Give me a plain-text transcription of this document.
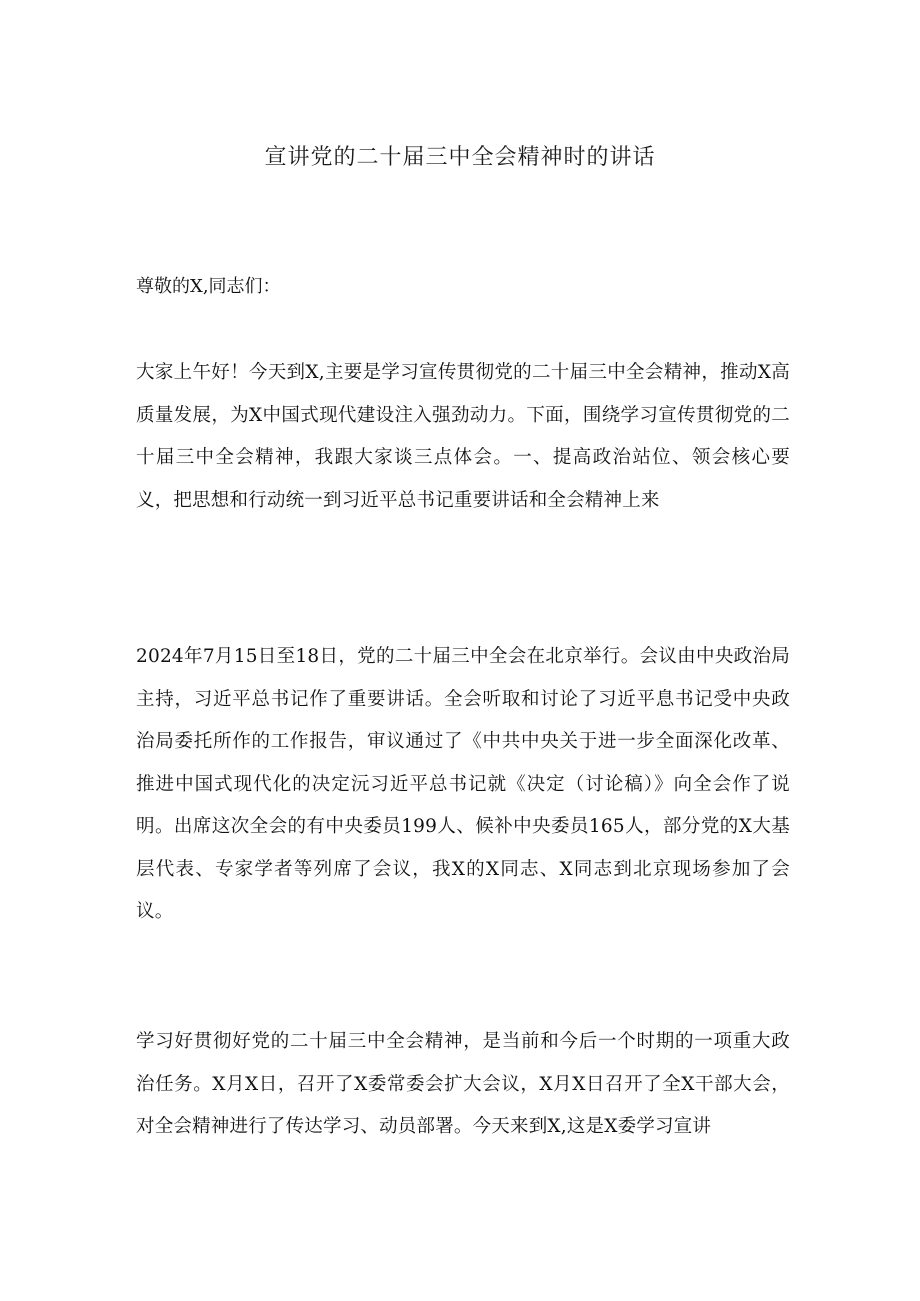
宣讲党的二十届三中全会精神时的讲话

尊敬的X,同志们：

大家上午好！今天到X,主要是学习宣传贯彻党的二十届三中全会精神，推动X高质量发展，为X中国式现代建设注入强劲动力。下面，围绕学习宣传贯彻党的二十届三中全会精神，我跟大家谈三点体会。一、提高政治站位、领会核心要义，把思想和行动统一到习近平总书记重要讲话和全会精神上来

2024年7月15日至18日，党的二十届三中全会在北京举行。会议由中央政治局主持，习近平总书记作了重要讲话。全会听取和讨论了习近平息书记受中央政治局委托所作的工作报告，审议通过了《中共中央关于进一步全面深化改革、推进中国式现代化的决定沅习近平总书记就《决定（讨论稿）》向全会作了说明。出席这次全会的有中央委员199人、候补中央委员165人，部分党的X大基层代表、专家学者等列席了会议，我X的X同志、X同志到北京现场参加了会议。

学习好贯彻好党的二十届三中全会精神，是当前和今后一个时期的一项重大政治任务。X月X日，召开了X委常委会扩大会议，X月X日召开了全X干部大会，对全会精神进行了传达学习、动员部署。今天来到X,这是X委学习宣讲
